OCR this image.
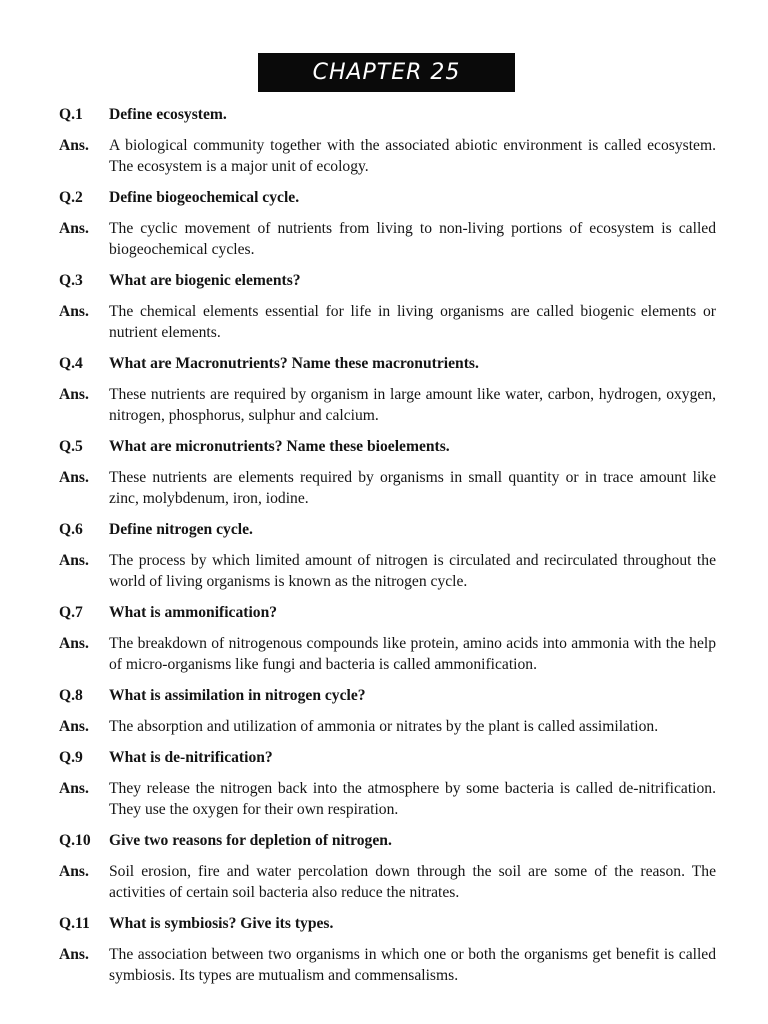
CHAPTER 25
Q.1	Define ecosystem.
Ans.	A biological community together with the associated abiotic environment is called ecosystem. The ecosystem is a major unit of ecology.
Q.2	Define biogeochemical cycle.
Ans.	The cyclic movement of nutrients from living to non-living portions of ecosystem is called biogeochemical cycles.
Q.3	What are biogenic elements?
Ans.	The chemical elements essential for life in living organisms are called biogenic elements or nutrient elements.
Q.4	What are Macronutrients? Name these macronutrients.
Ans.	These nutrients are required by organism in large amount like water, carbon, hydrogen, oxygen, nitrogen, phosphorus, sulphur and calcium.
Q.5	What are micronutrients? Name these bioelements.
Ans.	These nutrients are elements required by organisms in small quantity or in trace amount like zinc, molybdenum, iron, iodine.
Q.6	Define nitrogen cycle.
Ans.	The process by which limited amount of nitrogen is circulated and recirculated throughout the world of living organisms is known as the nitrogen cycle.
Q.7	What is ammonification?
Ans.	The breakdown of nitrogenous compounds like protein, amino acids into ammonia with the help of micro-organisms like fungi and bacteria is called ammonification.
Q.8	What is assimilation in nitrogen cycle?
Ans.	The absorption and utilization of ammonia or nitrates by the plant is called assimilation.
Q.9	What is de-nitrification?
Ans.	They release the nitrogen back into the atmosphere by some bacteria is called de-nitrification. They use the oxygen for their own respiration.
Q.10	Give two reasons for depletion of nitrogen.
Ans.	Soil erosion, fire and water percolation down through the soil are some of the reason. The activities of certain soil bacteria also reduce the nitrates.
Q.11	What is symbiosis? Give its types.
Ans.	The association between two organisms in which one or both the organisms get benefit is called symbiosis. Its types are mutualism and commensalisms.
